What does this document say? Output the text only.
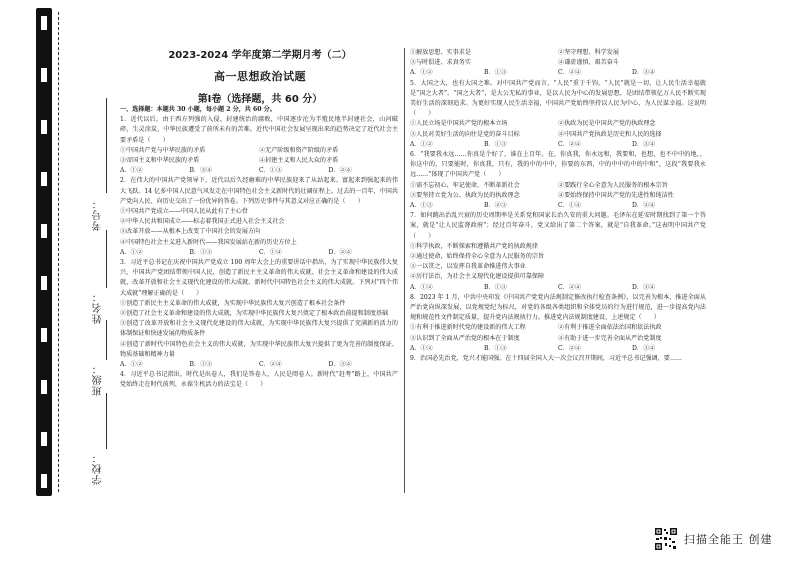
考号：
姓名：
班级：
学校：
2023-2024 学年度第二学期月考（二）
高一思想政治试题
第Ⅰ卷（选择题，共 60 分）

一、选择题：本题共 30 小题，每小题 2 分，共 60 分。

1．近代以后，由于西方列强的入侵、封建统治的腐败，中国逐步沦为半殖民地半封建社会，山河破碎，生灵涂炭，中华民族遭受了前所未有的苦难。近代中国社会发展呈现出来的趋势决定了近代社会主要矛盾是（　　）

①中国共产党与中华民族的矛盾	②无产阶级和资产阶级的矛盾
③帝国主义和中华民族的矛盾	④封建主义和人民大众的矛盾
A．①②	B．③④	C．①③	D．②④

2．在伟大的中国共产党领导下，近代以后久经磨难的中华民族迎来了从站起来、富起来到强起来的伟大飞跃。14 亿多中国人民意气风发走在中国特色社会主义新时代的壮阔征程上。过去的一百年，中国共产党向人民、向历史交出了一份优异的答卷。下列历史事件与其意义对应正确的是（　　）

①中国共产党成立——中国人民从此有了主心骨

②中华人民共和国成立——标志着我国正式进入社会主义社会

③改革开放——从根本上改变了中国社会的发展方向

④中国特色社会主义进入新时代——我国发展站在新的历史方位上

A．①②	B．①③	C．①④	D．②④

3．习近平总书记在庆祝中国共产党成立 100 周年大会上的重要讲话中指出，为了实现中华民族伟大复兴，中国共产党团结带领中国人民，创造了新民主主义革命的伟大成就、社会主义革命和建设的伟大成就、改革开放和社会主义现代化建设的伟大成就、新时代中国特色社会主义的伟大成就。下列对“四个伟大成就”理解正确的是（　　）

①创造了新民主主义革命的伟大成就，为实现中华民族伟大复兴创造了根本社会条件

②创造了社会主义革命和建设的伟大成就，为实现中华民族伟大复兴奠定了根本政治前提和制度基础

③创造了改革开放和社会主义现代化建设的伟大成就，为实现中华民族伟大复兴提供了充满新的活力的体制保证和快速发展的物质条件

④创造了新时代中国特色社会主义的伟大成就，为实现中华民族伟大复兴提供了更为完善的制度保证、物质基础和精神力量

A．①②	B．①③	C．②④	D．③④

4．习近平总书记指出，时代是出卷人，我们是答卷人，人民是阅卷人。新时代“赶考”路上，中国共产党始终走在时代前列，永葆生机活力的法宝是（　　）

①解放思想、实事求是	②坚守理想、科学发展
③与时俱进、求真务实	④谦虚谨慎、艰苦奋斗
A．①②	B．①③	C．②④	D．③④

5．大国之大，也有大国之难。对中国共产党而言，“人民”重于千钧。“人民”就是一切，让人民生活幸福就是“国之大者”。“国之大者”，是大公无私的事业，是以人民为中心的发展思想，是团结带领亿万人民不断实现美好生活的深刻追求。为更好实现人民生活幸福，中国共产党始终坚持以人民为中心，为人民谋幸福。这说明（　　）

①人民立场是中国共产党的根本立场	②执政为民是中国共产党的执政理念
③人民对美好生活的向往是党的奋斗目标	④中国共产党执政是历史和人民的选择
A．①②	B．①③	C．②④	D．③④

6．“我要我永远……你真是个好了，谁在上百年、在，你真我，你永远和，我要和，也想，也不中中的地，，你这中的，只要能时，你真我，只有，我的中的中中，你要的东西，中的中中的中的中和”，这段“我要我永远……”体现了中国共产党（　　）

①需不忘初心、牢记使命，不断革新社会	②要践行全心全意为人民服务的根本宗旨
③要坚持立党为公、执政为民的执政理念	④要始终保持中国共产党的先进性和纯洁性
A．①③	B．②③	C．①④	D．②④

7．如何跳出治乱兴衰的历史周期率是关系党和国家长治久安的重大问题。毛泽东在延安时期找到了第一个答案，就是“让人民监督政府”；经过百年奋斗，党又给出了第二个答案，就是“自我革命。”这表明中国共产党（　　）

①科学执政，不断探索和遵循共产党的执政规律

②通过使命，始终保持全心全意为人民服务的宗旨

③一以贯之，以发挥自我革命推进伟大事业

④厉行法治，为社会主义现代化建设提供可靠保障

A．①②	B．①③	C．②④	D．③④

8．2023 年 1 月，中共中央印发《中国共产党党内法规制定修改执行检查条例》，以完善为根本，推进全面从严治党向纵深发展，以党规党纪为标尺，对党的各级各类组织和全体党员的行为进行规范，进一步提高党内法规和规范性文件制定质量，提升党内法规执行力。推进党内法规制度建设，上述规定（　　）

①有利于推进新时代党的建设新的伟大工程	②有利于推进全面依法治国和依法执政
③认识到了全面从严治党的根本在于制度	④有助于进一步完善全面从严治党制度
A．①②	B．①③	C．②④	D．③④

9．治国必先治党，党兴才能国强。在十四届全国人大一次会议召开期间，习近平总书记强调，要……

扫描全能王 创建
